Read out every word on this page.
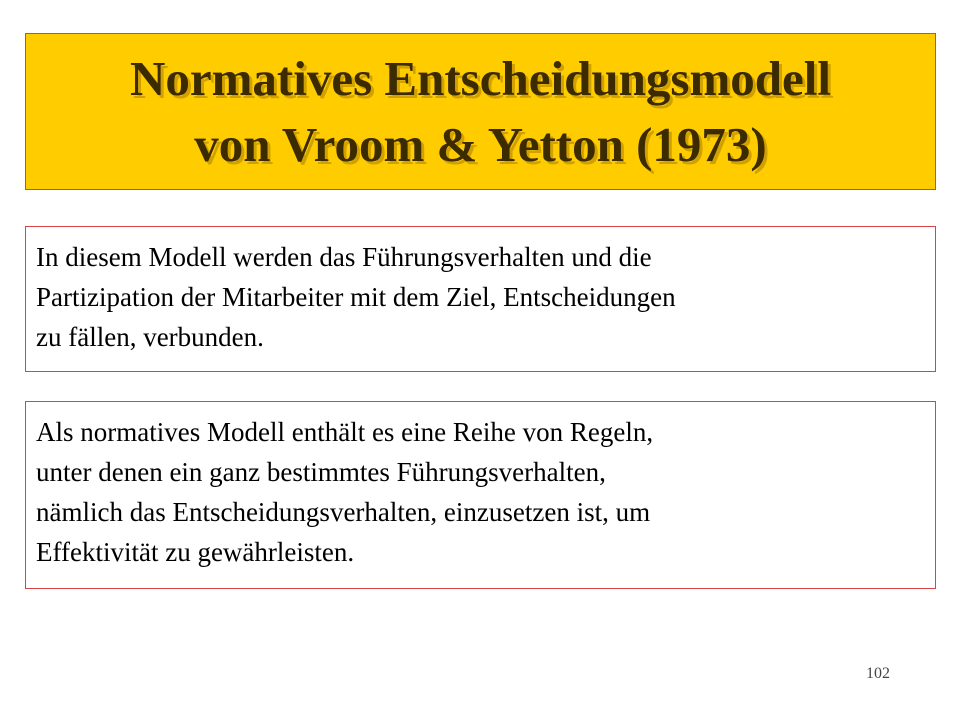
Normatives Entscheidungsmodell
von Vroom & Yetton (1973)
In diesem Modell werden das Führungsverhalten und die
Partizipation der Mitarbeiter mit dem Ziel, Entscheidungen
zu fällen, verbunden.
Als normatives Modell enthält es eine Reihe von Regeln,
unter denen ein ganz bestimmtes Führungsverhalten,
nämlich das Entscheidungsverhalten, einzusetzen ist, um
Effektivität zu gewährleisten.
102
